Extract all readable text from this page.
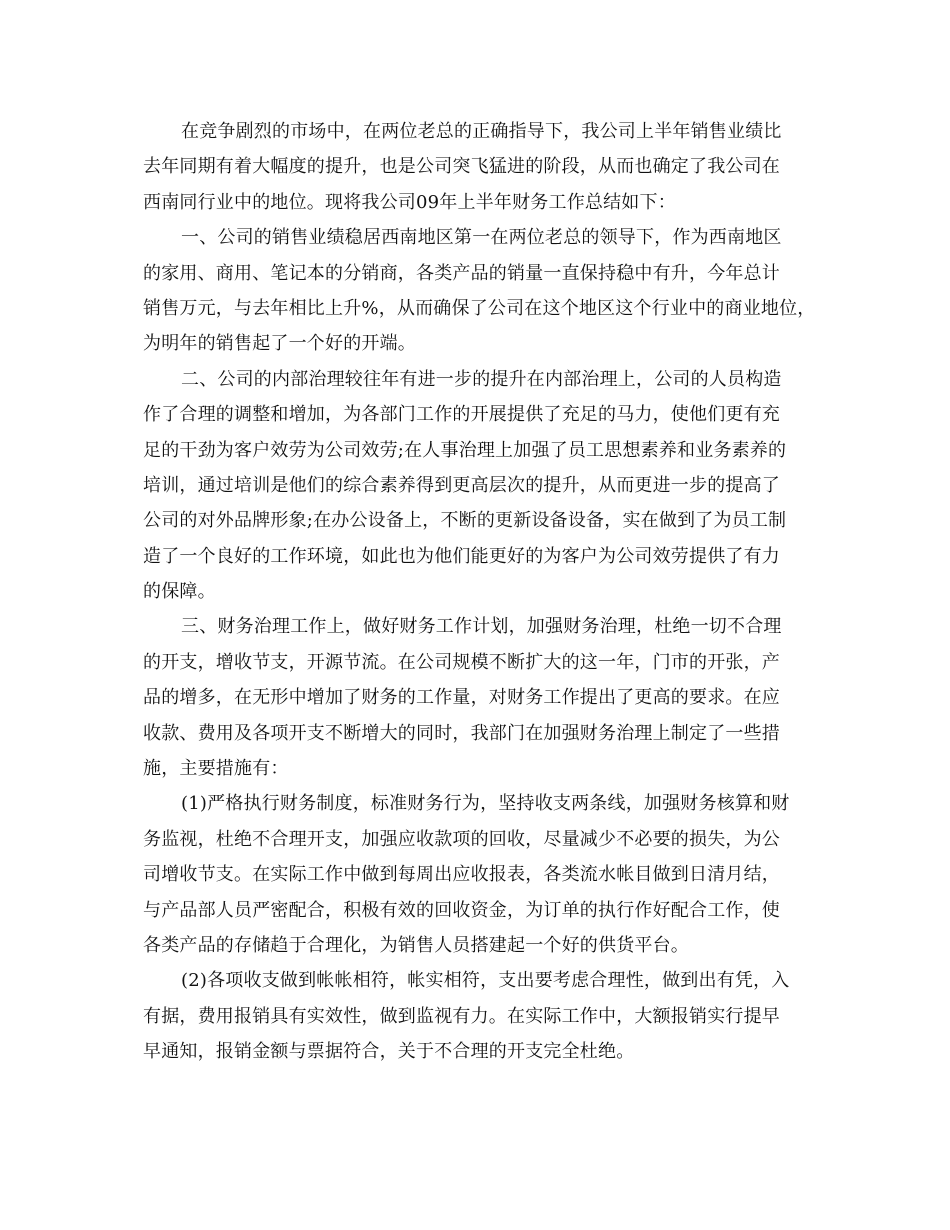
在竞争剧烈的市场中，在两位老总的正确指导下，我公司上半年销售业绩比
去年同期有着大幅度的提升，也是公司突飞猛进的阶段，从而也确定了我公司在
西南同行业中的地位。现将我公司09年上半年财务工作总结如下：
一、公司的销售业绩稳居西南地区第一在两位老总的领导下，作为西南地区
的家用、商用、笔记本的分销商，各类产品的销量一直保持稳中有升，今年总计
销售万元，与去年相比上升%，从而确保了公司在这个地区这个行业中的商业地位，
为明年的销售起了一个好的开端。
二、公司的内部治理较往年有进一步的提升在内部治理上，公司的人员构造
作了合理的调整和增加，为各部门工作的开展提供了充足的马力，使他们更有充
足的干劲为客户效劳为公司效劳;在人事治理上加强了员工思想素养和业务素养的
培训，通过培训是他们的综合素养得到更高层次的提升，从而更进一步的提高了
公司的对外品牌形象;在办公设备上，不断的更新设备设备，实在做到了为员工制
造了一个良好的工作环境，如此也为他们能更好的为客户为公司效劳提供了有力
的保障。
三、财务治理工作上，做好财务工作计划，加强财务治理，杜绝一切不合理
的开支，增收节支，开源节流。在公司规模不断扩大的这一年，门市的开张，产
品的增多，在无形中增加了财务的工作量，对财务工作提出了更高的要求。在应
收款、费用及各项开支不断增大的同时，我部门在加强财务治理上制定了一些措
施，主要措施有：
(1)严格执行财务制度，标准财务行为，坚持收支两条线，加强财务核算和财
务监视，杜绝不合理开支，加强应收款项的回收，尽量减少不必要的损失，为公
司增收节支。在实际工作中做到每周出应收报表，各类流水帐目做到日清月结，
与产品部人员严密配合，积极有效的回收资金，为订单的执行作好配合工作，使
各类产品的存储趋于合理化，为销售人员搭建起一个好的供货平台。
(2)各项收支做到帐帐相符，帐实相符，支出要考虑合理性，做到出有凭，入
有据，费用报销具有实效性，做到监视有力。在实际工作中，大额报销实行提早
早通知，报销金额与票据符合，关于不合理的开支完全杜绝。
